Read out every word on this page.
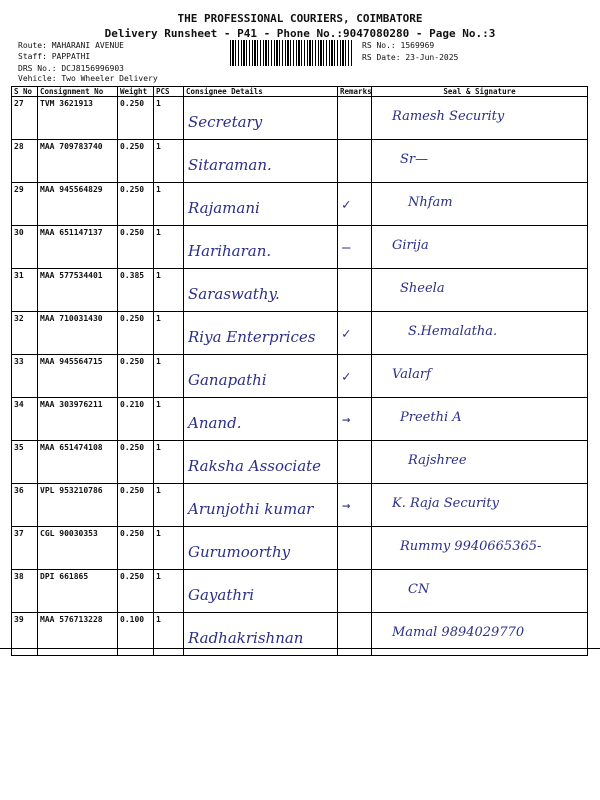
THE PROFESSIONAL COURIERS, COIMBATORE
Delivery Runsheet - P41 - Phone No.:9047080280 - Page No.:3
Route: MAHARANI AVENUE
Staff: PAPPATHI
DRS No.: DCJ8156996903
Vehicle: Two Wheeler Delivery
RS No.: 1569969
RS Date: 23-Jun-2025
S No	Consignment No	Weight	PCS	Consignee Details	Remarks	Seal & Signature
27	TVM 3621913	0.250	1	Secretary		Ramesh Security

28	MAA 709783740	0.250	1	Sitaraman.		Sr—

29	MAA 945564829	0.250	1	Rajamani	✓	Nhfam

30	MAA 651147137	0.250	1	Hariharan.	—	Girija

31	MAA 577534401	0.385	1	Saraswathy.		Sheela

32	MAA 710031430	0.250	1	Riya Enterprices	✓	S.Hemalatha.

33	MAA 945564715	0.250	1	Ganapathi	✓	Valarf

34	MAA 303976211	0.210	1	Anand.	→	Preethi A

35	MAA 651474108	0.250	1	Raksha Associate		Rajshree

36	VPL 953210786	0.250	1	Arunjothi kumar	→	K. Raja Security

37	CGL 90030353	0.250	1	Gurumoorthy		Rummy 9940665365-

38	DPI 661865	0.250	1	Gayathri		CN

39	MAA 576713228	0.100	1	Radhakrishnan		Mamal 9894029770
